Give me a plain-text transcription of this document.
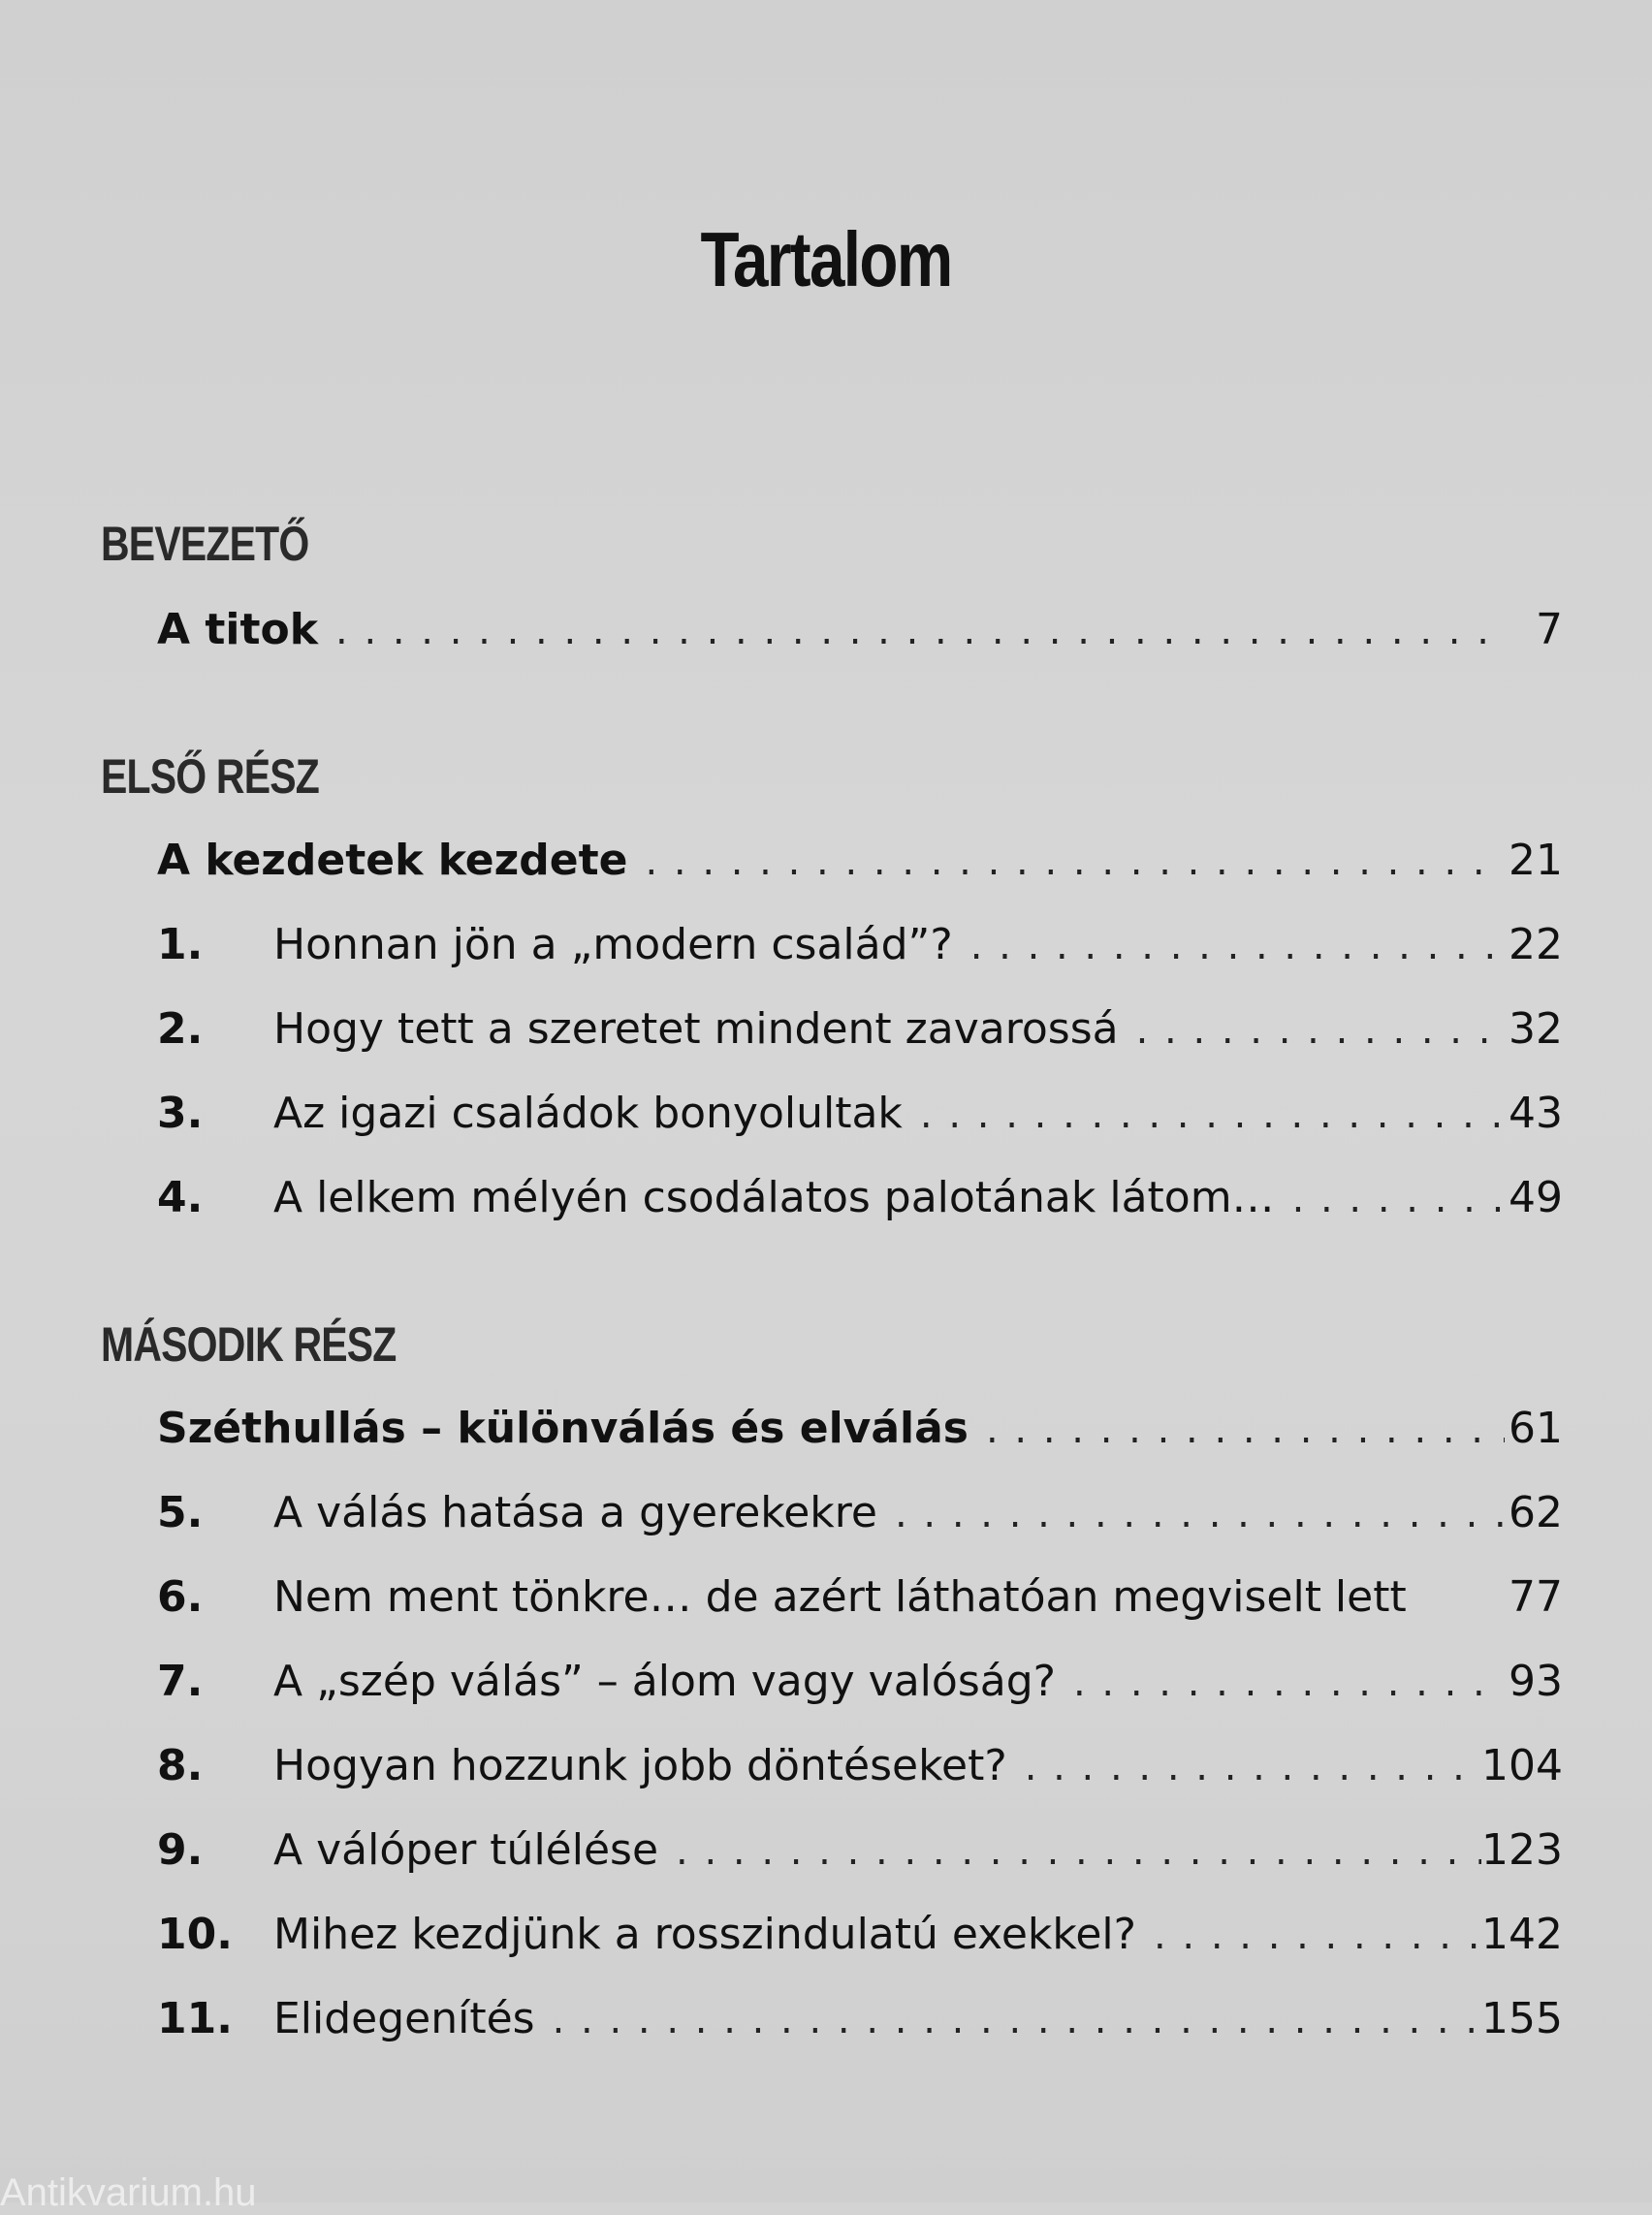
Tartalom
BEVEZETŐ
A titok . . .	7
ELSŐ RÉSZ
A kezdetek kezdete . . .	21
1.	Honnan jön a „modern család”? . . .	22
2.	Hogy tett a szeretet mindent zavarossá . . .	32
3.	Az igazi családok bonyolultak . . .	43
4.	A lelkem mélyén csodálatos palotának látom… . . .	49
MÁSODIK RÉSZ
Széthullás – különválás és elválás . . .	61
5.	A válás hatása a gyerekekre . . .	62
6.	Nem ment tönkre… de azért láthatóan megviselt lett	77
7.	A „szép válás” – álom vagy valóság? . . .	93
8.	Hogyan hozzunk jobb döntéseket? . . .	104
9.	A válóper túlélése . . .	123
10. Mihez kezdjünk a rosszindulatú exekkel? . . .	142
11. Elidegenítés . . .	155
Antikvarium.hu
